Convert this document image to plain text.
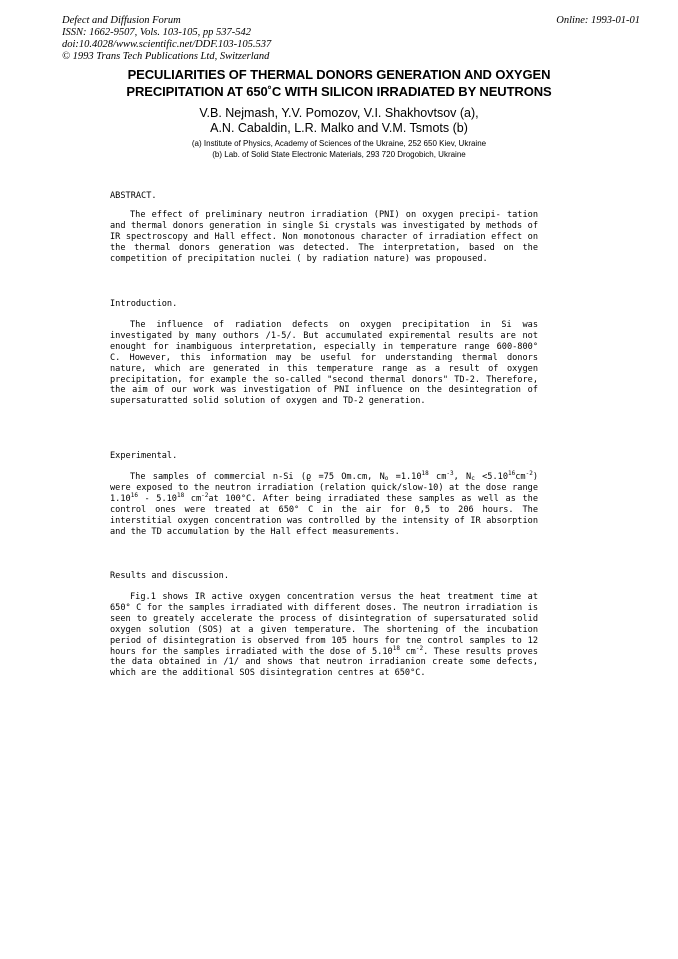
Defect and Diffusion Forum
ISSN: 1662-9507, Vols. 103-105, pp 537-542
doi:10.4028/www.scientific.net/DDF.103-105.537
© 1993 Trans Tech Publications Ltd, Switzerland
Online: 1993-01-01
PECULIARITIES OF THERMAL DONORS GENERATION AND OXYGEN
PRECIPITATION AT 650˚C WITH SILICON IRRADIATED BY NEUTRONS
V.B. Nejmash, Y.V. Pomozov, V.I. Shakhovtsov (a),
A.N. Cabaldin, L.R. Malko and V.M. Tsmots (b)
(a) Institute of Physics, Academy of Sciences of the Ukraine, 252 650 Kiev, Ukraine
(b) Lab. of Solid State Electronic Materials, 293 720 Drogobich, Ukraine
ABSTRACT.

The effect of preliminary neutron irradiation (PNI) on oxygen precipi- tation and thermal donors generation in single Si crystals was investigated by methods of IR spectroscopy and Hall effect. Non monotonous character of irradiation effect on the thermal donors generation was detected. The interpretation, based on the competition of precipitation nuclei ( by radiation nature) was propoused.

Introduction.

The influence of radiation defects on oxygen precipitation in Si was investigated by many outhors /1-5/. But accumulated expiremental results are not enought for inambiguous interpretation, especially in temperature range 600-800° C. However, this information may be useful for understanding thermal donors nature, which are generated in this temperature range as a result of oxygen precipitation, for example the so-called "second thermal donors" TD-2. Therefore, the aim of our work was investigation of PNI influence on the desintegration of supersaturatted solid solution of oxygen and TD-2 generation.

Experimental.

The samples of commercial n-Si (ϱ =75 Om.cm, $N_o =1.10^{18}$ $cm^{-3}$, $N_c <5.10^{16}cm^{-2}$) were exposed to the neutron irradiation (relation quick/slow-10) at the dose range 1.10$^{16}$ - 5.10$^{18}$ $cm^{-2}at$ 100°C. After being irradiated these samples as well as the control ones were treated at 650° C in the air for 0,5 to 206 hours. The interstitial oxygen concentration was controlled by the intensity of IR absorption and the TD accumulation by the Hall effect measurements.

Results and discussion.

Fig.1 shows IR active oxygen concentration versus the heat treatment time at 650° C for the samples irradiated with different doses. The neutron irradiation is seen to greately accelerate the process of disintegration of supersaturated solid oxygen solution (SOS) at a given temperature. The shortening of the incubation period of disintegration is observed from 105 hours for tne control samples to 12 hours for the samples irradiated with the dose of 5.10$^{18}$ $cm^{-2}$. These results proves the data obtained in /1/ and shows that neutron irradianion create some defects, which are the additional SOS disintegration centres at 650°C.
